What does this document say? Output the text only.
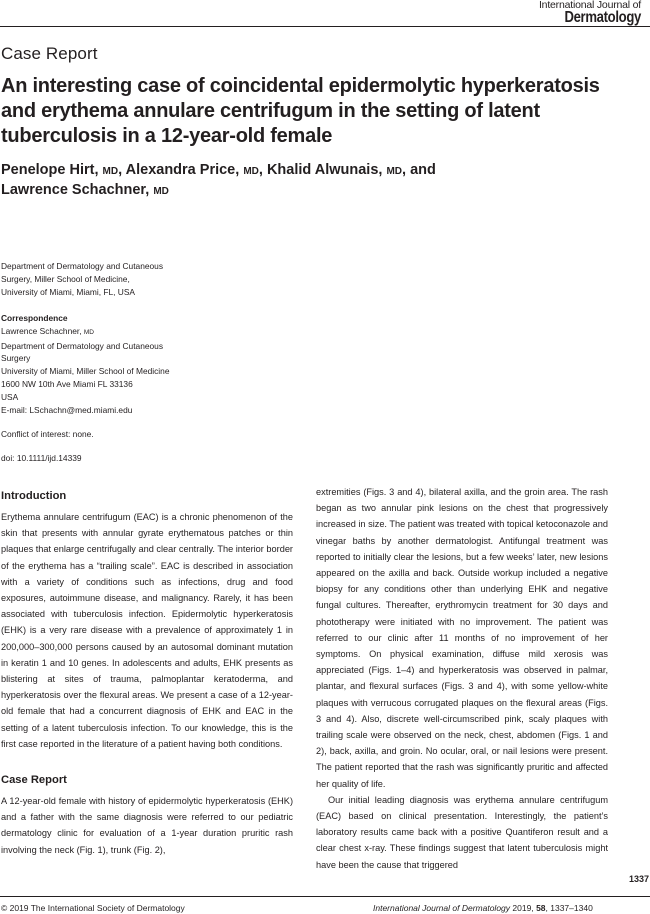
International Journal of
Dermatology
Case Report
An interesting case of coincidental epidermolytic hyperkeratosis and erythema annulare centrifugum in the setting of latent tuberculosis in a 12-year-old female
Penelope Hirt, MD, Alexandra Price, MD, Khalid Alwunais, MD, and
Lawrence Schachner, MD
Department of Dermatology and Cutaneous
Surgery, Miller School of Medicine,
University of Miami, Miami, FL, USA
Correspondence
Lawrence Schachner, MD
Department of Dermatology and Cutaneous
Surgery
University of Miami, Miller School of Medicine
1600 NW 10th Ave Miami FL 33136
USA
E-mail: LSchachn@med.miami.edu
Conflict of interest: none.
doi: 10.1111/ijd.14339
Introduction

Erythema annulare centrifugum (EAC) is a chronic phenomenon of the skin that presents with annular gyrate erythematous patches or thin plaques that enlarge centrifugally and clear centrally. The interior border of the erythema has a “trailing scale”. EAC is described in association with a variety of conditions such as infections, drug and food exposures, autoimmune disease, and malignancy. Rarely, it has been associated with tuberculosis infection. Epidermolytic hyperkeratosis (EHK) is a very rare disease with a prevalence of approximately 1 in 200,000–300,000 persons caused by an autosomal dominant mutation in keratin 1 and 10 genes. In adolescents and adults, EHK presents as blistering at sites of trauma, palmoplantar keratoderma, and hyperkeratosis over the flexural areas. We present a case of a 12-year-old female that had a concurrent diagnosis of EHK and EAC in the setting of a latent tuberculosis infection. To our knowledge, this is the first case reported in the literature of a patient having both conditions.

Case Report

A 12-year-old female with history of epidermolytic hyperkeratosis (EHK) and a father with the same diagnosis were referred to our pediatric dermatology clinic for evaluation of a 1-year duration pruritic rash involving the neck (Fig. 1), trunk (Fig. 2),

extremities (Figs. 3 and 4), bilateral axilla, and the groin area. The rash began as two annular pink lesions on the chest that progressively increased in size. The patient was treated with topical ketoconazole and vinegar baths by another dermatologist. Antifungal treatment was reported to initially clear the lesions, but a few weeks’ later, new lesions appeared on the axilla and back. Outside workup included a negative biopsy for any conditions other than underlying EHK and negative fungal cultures. Thereafter, erythromycin treatment for 30 days and phototherapy were initiated with no improvement. The patient was referred to our clinic after 11 months of no improvement of her symptoms. On physical examination, diffuse mild xerosis was appreciated (Figs. 1–4) and hyperkeratosis was observed in palmar, plantar, and flexural surfaces (Figs. 3 and 4), with some yellow-white plaques with verrucous corrugated plaques on the flexural areas (Figs. 3 and 4). Also, discrete well-circumscribed pink, scaly plaques with trailing scale were observed on the neck, chest, abdomen (Figs. 1 and 2), back, axilla, and groin. No ocular, oral, or nail lesions were present. The patient reported that the rash was significantly pruritic and affected her quality of life.

Our initial leading diagnosis was erythema annulare centrifugum (EAC) based on clinical presentation. Interestingly, the patient’s laboratory results came back with a positive Quantiferon result and a clear chest x-ray. These findings suggest that latent tuberculosis might have been the cause that triggered

1337
© 2019 The International Society of Dermatology	International Journal of Dermatology 2019, 58, 1337–1340
